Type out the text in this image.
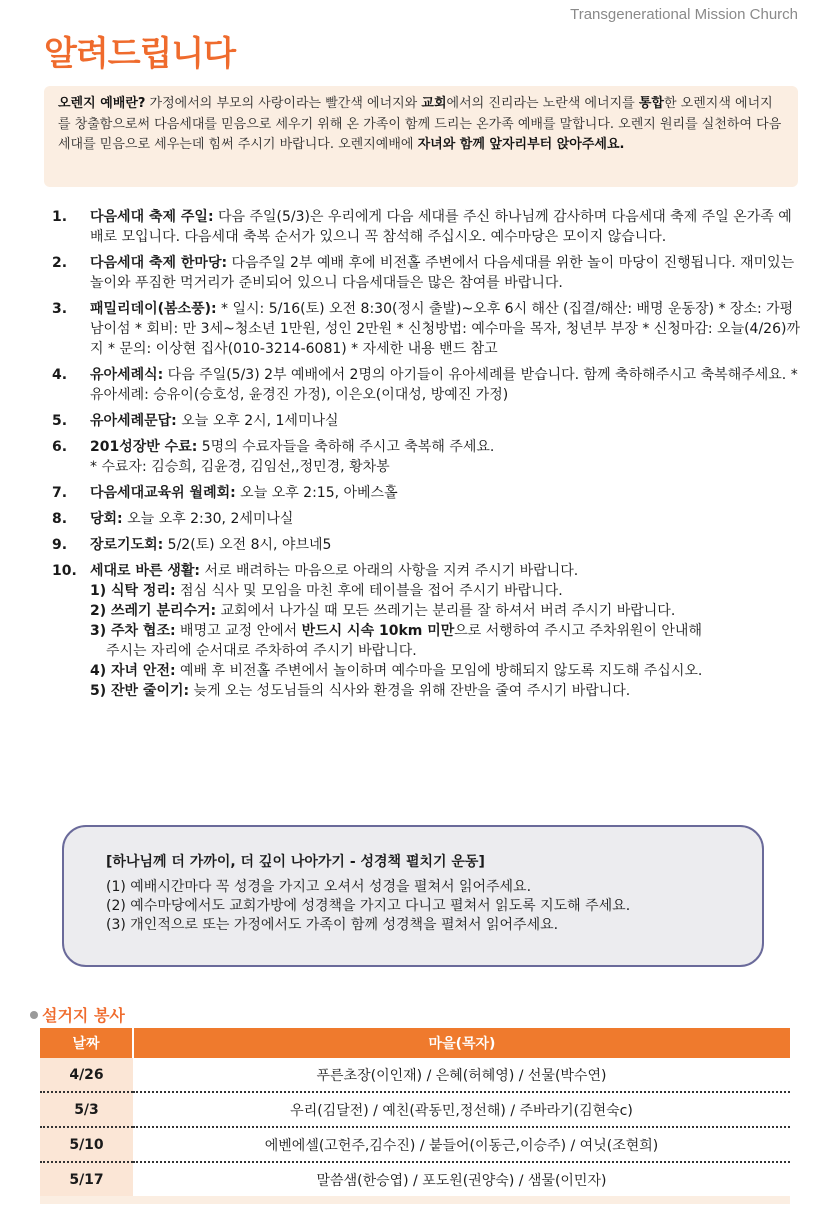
Transgenerational Mission Church
알려드립니다
오렌지 예배란? 가정에서의 부모의 사랑이라는 빨간색 에너지와 교회에서의 진리라는 노란색 에너지를 통합한 오렌지색 에너지를 창출함으로써 다음세대를 믿음으로 세우기 위해 온 가족이 함께 드리는 온가족 예배를 말합니다. 오렌지 원리를 실천하여 다음세대를 믿음으로 세우는데 힘써 주시기 바랍니다. 오렌지예배에 자녀와 함께 앞자리부터 앉아주세요.
1.	다음세대 축제 주일: 다음 주일(5/3)은 우리에게 다음 세대를 주신 하나님께 감사하며 다음세대 축제 주일 온가족 예배로 모입니다. 다음세대 축복 순서가 있으니 꼭 참석해 주십시오. 예수마당은 모이지 않습니다.
2.	다음세대 축제 한마당: 다음주일 2부 예배 후에 비전홀 주변에서 다음세대를 위한 놀이 마당이 진행됩니다. 재미있는 놀이와 푸짐한 먹거리가 준비되어 있으니 다음세대들은 많은 참여를 바랍니다.
3.	패밀리데이(봄소풍): * 일시: 5/16(토) 오전 8:30(정시 출발)~오후 6시 해산 (집결/해산: 배명 운동장) * 장소: 가평 남이섬 * 회비: 만 3세~청소년 1만원, 성인 2만원 * 신청방법: 예수마을 목자, 청년부 부장 * 신청마감: 오늘(4/26)까지 * 문의: 이상현 집사(010-3214-6081) * 자세한 내용 밴드 참고
4.	유아세례식: 다음 주일(5/3) 2부 예배에서 2명의 아기들이 유아세례를 받습니다. 함께 축하해주시고 축복해주세요. * 유아세례: 승유이(승호성, 윤경진 가정), 이은오(이대성, 방예진 가정)
5.	유아세례문답: 오늘 오후 2시, 1세미나실
6.	201성장반 수료: 5명의 수료자들을 축하해 주시고 축복해 주세요.
* 수료자: 김승희, 김윤경, 김임선,,정민경, 황차봉
7.	다음세대교육위 월례회: 오늘 오후 2:15, 아베스홀
8.	당회: 오늘 오후 2:30, 2세미나실
9.	장로기도회: 5/2(토) 오전 8시, 야브네5
10. 세대로 바른 생활: 서로 배려하는 마음으로 아래의 사항을 지켜 주시기 바랍니다.
1) 식탁 정리: 점심 식사 및 모임을 마친 후에 테이블을 접어 주시기 바랍니다.
2) 쓰레기 분리수거: 교회에서 나가실 때 모든 쓰레기는 분리를 잘 하셔서 버려 주시기 바랍니다.
3) 주차 협조: 배명고 교정 안에서 반드시 시속 10km 미만으로 서행하여 주시고 주차위원이 안내해
주시는 자리에 순서대로 주차하여 주시기 바랍니다.
4) 자녀 안전: 예배 후 비전홀 주변에서 놀이하며 예수마을 모임에 방해되지 않도록 지도해 주십시오.
5) 잔반 줄이기: 늦게 오는 성도님들의 식사와 환경을 위해 잔반을 줄여 주시기 바랍니다.
[하나님께 더 가까이, 더 깊이 나아가기 - 성경책 펼치기 운동]
(1) 예배시간마다 꼭 성경을 가지고 오셔서 성경을 펼쳐서 읽어주세요.
(2) 예수마당에서도 교회가방에 성경책을 가지고 다니고 펼쳐서 읽도록 지도해 주세요.
(3) 개인적으로 또는 가정에서도 가족이 함께 성경책을 펼쳐서 읽어주세요.
설거지 봉사
날짜	마을(목자)
4/26	푸른초장(이인재) / 은혜(허혜영) / 선물(박수연)
5/3	우리(김달전) / 예친(곽동민,정선해) / 주바라기(김현숙c)
5/10	에벤에셀(고헌주,김수진) / 붙들어(이동근,이승주) / 여닛(조현희)
5/17	말씀샘(한승엽) / 포도원(권양숙) / 샘물(이민자)
